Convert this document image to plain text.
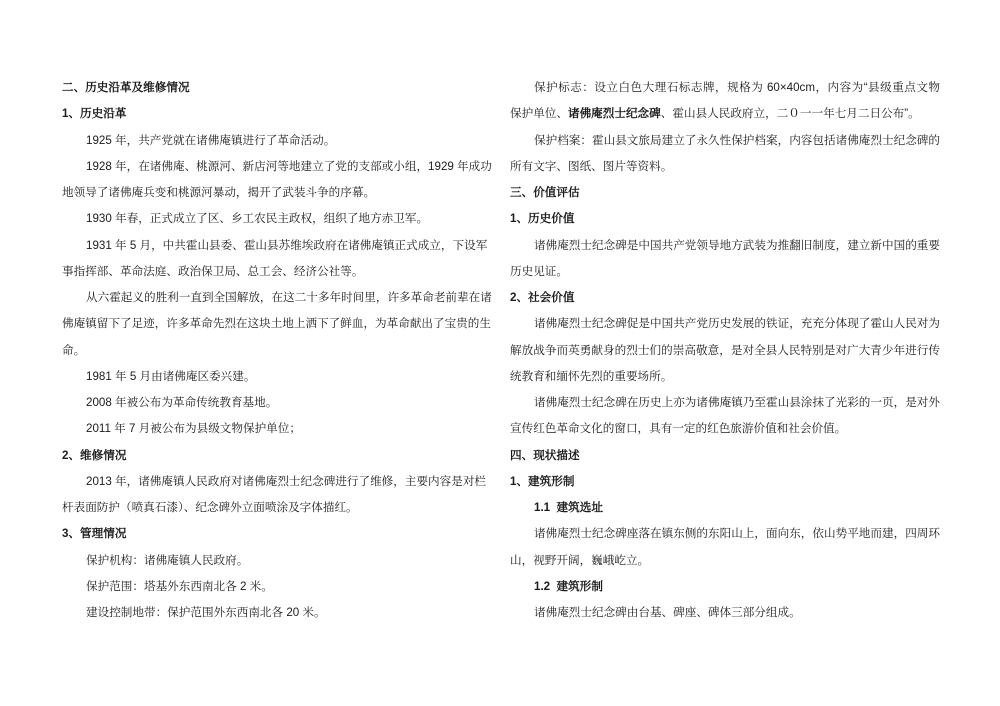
二、历史沿革及维修情况
1、历史沿革
1925 年，共产党就在诸佛庵镇进行了革命活动。
1928 年，在诸佛庵、桃源河、新店河等地建立了党的支部或小组，1929 年成功
地领导了诸佛庵兵变和桃源河暴动，揭开了武装斗争的序幕。
1930 年春，正式成立了区、乡工农民主政权，组织了地方赤卫军。
1931 年 5 月，中共霍山县委、霍山县苏维埃政府在诸佛庵镇正式成立，下设军
事指挥部、革命法庭、政治保卫局、总工会、经济公社等。
从六霍起义的胜利一直到全国解放，在这二十多年时间里，许多革命老前辈在诸
佛庵镇留下了足迹，许多革命先烈在这块土地上洒下了鲜血，为革命献出了宝贵的生
命。
1981 年 5 月由诸佛庵区委兴建。
2008 年被公布为革命传统教育基地。
2011 年 7 月被公布为县级文物保护单位；
2、维修情况
2013 年，诸佛庵镇人民政府对诸佛庵烈士纪念碑进行了维修，主要内容是对栏
杆表面防护（喷真石漆）、纪念碑外立面喷涂及字体描红。
3、管理情况
保护机构：诸佛庵镇人民政府。
保护范围：塔基外东西南北各 2 米。
建设控制地带：保护范围外东西南北各 20 米。
保护标志：设立白色大理石标志牌，规格为 60×40cm，内容为“县级重点文物
保护单位、诸佛庵烈士纪念碑、霍山县人民政府立，二０一一年七月二日公布”。
保护档案：霍山县文旅局建立了永久性保护档案，内容包括诸佛庵烈士纪念碑的
所有文字、图纸、图片等资料。
三、价值评估
1、历史价值
诸佛庵烈士纪念碑是中国共产党领导地方武装为推翻旧制度，建立新中国的重要
历史见证。
2、社会价值
诸佛庵烈士纪念碑促是中国共产党历史发展的铁证，充充分体现了霍山人民对为
解放战争而英勇献身的烈士们的崇高敬意，是对全县人民特别是对广大青少年进行传
统教育和缅怀先烈的重要场所。
诸佛庵烈士纪念碑在历史上亦为诸佛庵镇乃至霍山县涂抹了光彩的一页，是对外
宣传红色革命文化的窗口，具有一定的红色旅游价值和社会价值。
四、现状描述
1、建筑形制
1.1  建筑选址
诸佛庵烈士纪念碑座落在镇东侧的东阳山上，面向东，依山势平地而建，四周环
山，视野开阔，巍峨屹立。
1.2  建筑形制
诸佛庵烈士纪念碑由台基、碑座、碑体三部分组成。
